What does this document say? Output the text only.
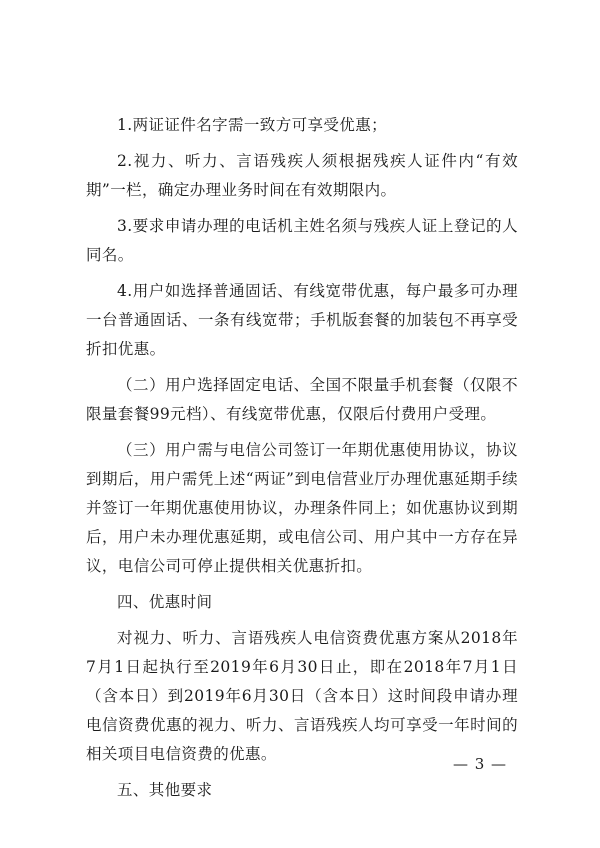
1.两证证件名字需一致方可享受优惠；

2.视力、听力、言语残疾人须根据残疾人证件内“有效期”一栏，确定办理业务时间在有效期限内。

3.要求申请办理的电话机主姓名须与残疾人证上登记的人同名。

4.用户如选择普通固话、有线宽带优惠，每户最多可办理一台普通固话、一条有线宽带；手机版套餐的加装包不再享受折扣优惠。

（二）用户选择固定电话、全国不限量手机套餐（仅限不限量套餐99元档）、有线宽带优惠，仅限后付费用户受理。

（三）用户需与电信公司签订一年期优惠使用协议，协议到期后，用户需凭上述“两证”到电信营业厅办理优惠延期手续并签订一年期优惠使用协议，办理条件同上；如优惠协议到期后，用户未办理优惠延期，或电信公司、用户其中一方存在异议，电信公司可停止提供相关优惠折扣。

四、优惠时间

对视力、听力、言语残疾人电信资费优惠方案从2018年7月1日起执行至2019年6月30日止，即在2018年7月1日（含本日）到2019年6月30日（含本日）这时间段申请办理电信资费优惠的视力、听力、言语残疾人均可享受一年时间的相关项目电信资费的优惠。

五、其他要求

— 3 —
